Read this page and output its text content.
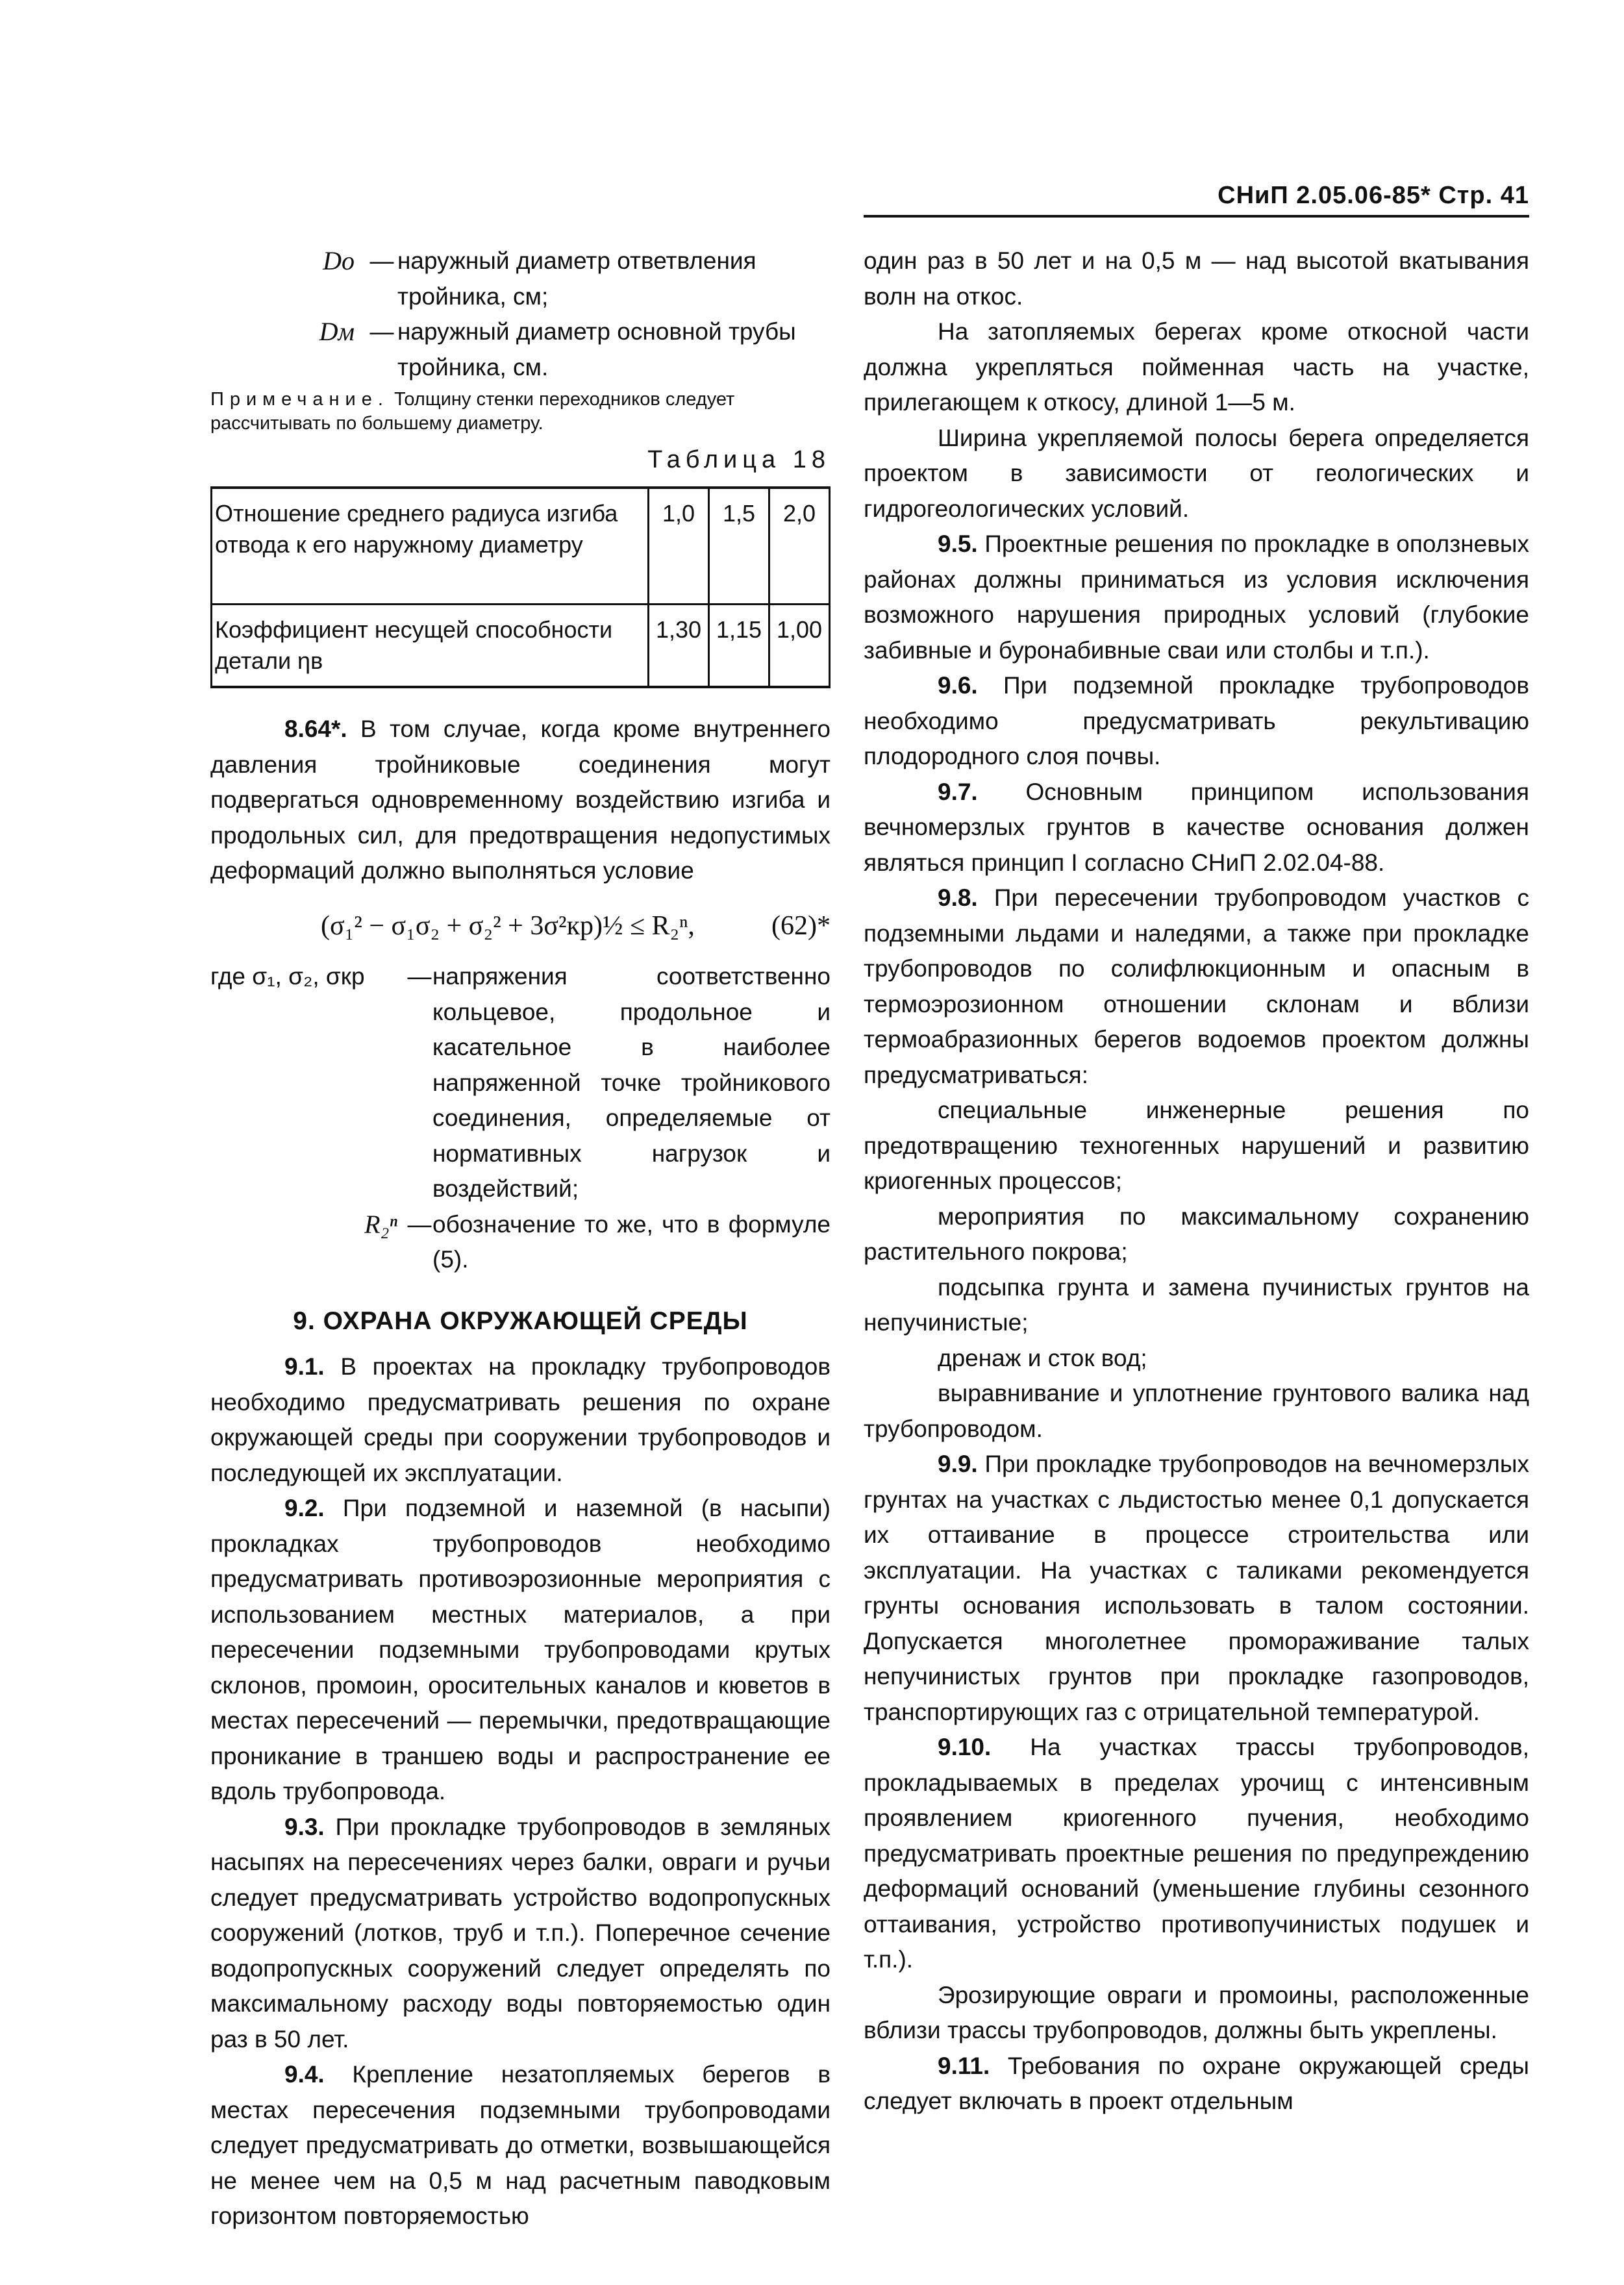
СНиП 2.05.06-85* Стр. 41
Dо — наружный диаметр ответвления тройника, см;
Dм — наружный диаметр основной трубы тройника, см.

Примечание. Толщину стенки переходников следует рассчитывать по большему диаметру.

Таблица 18
Отношение среднего радиуса изгиба отвода к его наружному диаметру	1,0	1,5	2,0
Коэффициент несущей способности детали ηв	1,30	1,15	1,00

8.64*. В том случае, когда кроме внутреннего давления тройниковые соединения могут подвергаться одновременному воздействию изгиба и продольных сил, для предотвращения недопустимых деформаций должно выполняться условие

(σ₁² − σ₁σ₂ + σ₂² + 3σ²кр)½ ≤ R₂ⁿ,	(62)*
где σ₁, σ₂, σкр	— напряжения соответственно кольцевое, продольное и касательное в наиболее напряженной точке тройникового соединения, определяемые от нормативных нагрузок и воздействий;
R₂ⁿ — обозначение то же, что в формуле (5).
9. ОХРАНА ОКРУЖАЮЩЕЙ СРЕДЫ

9.1. В проектах на прокладку трубопроводов необходимо предусматривать решения по охране окружающей среды при сооружении трубопроводов и последующей их эксплуатации.

9.2. При подземной и наземной (в насыпи) прокладках трубопроводов необходимо предусматривать противоэрозионные мероприятия с использованием местных материалов, а при пересечении подземными трубопроводами крутых склонов, промоин, оросительных каналов и кюветов в местах пересечений — перемычки, предотвращающие проникание в траншею воды и распространение ее вдоль трубопровода.

9.3. При прокладке трубопроводов в земляных насыпях на пересечениях через балки, овраги и ручьи следует предусматривать устройство водопропускных сооружений (лотков, труб и т.п.). Поперечное сечение водопропускных сооружений следует определять по максимальному расходу воды повторяемостью один раз в 50 лет.

9.4. Крепление незатопляемых берегов в местах пересечения подземными трубопроводами следует предусматривать до отметки, возвышающейся не менее чем на 0,5 м над расчетным паводковым горизонтом повторяемостью

один раз в 50 лет и на 0,5 м — над высотой вкатывания волн на откос.

На затопляемых берегах кроме откосной части должна укрепляться пойменная часть на участке, прилегающем к откосу, длиной 1—5 м.

Ширина укрепляемой полосы берега определяется проектом в зависимости от геологических и гидрогеологических условий.

9.5. Проектные решения по прокладке в оползневых районах должны приниматься из условия исключения возможного нарушения природных условий (глубокие забивные и буронабивные сваи или столбы и т.п.).

9.6. При подземной прокладке трубопроводов необходимо предусматривать рекультивацию плодородного слоя почвы.

9.7. Основным принципом использования вечномерзлых грунтов в качестве основания должен являться принцип I согласно СНиП 2.02.04-88.

9.8. При пересечении трубопроводом участков с подземными льдами и наледями, а также при прокладке трубопроводов по солифлюкционным и опасным в термоэрозионном отношении склонам и вблизи термоабразионных берегов водоемов проектом должны предусматриваться:

специальные инженерные решения по предотвращению техногенных нарушений и развитию криогенных процессов;

мероприятия по максимальному сохранению растительного покрова;

подсыпка грунта и замена пучинистых грунтов на непучинистые;

дренаж и сток вод;

выравнивание и уплотнение грунтового валика над трубопроводом.

9.9. При прокладке трубопроводов на вечномерзлых грунтах на участках с льдистостью менее 0,1 допускается их оттаивание в процессе строительства или эксплуатации. На участках с таликами рекомендуется грунты основания использовать в талом состоянии. Допускается многолетнее промораживание талых непучинистых грунтов при прокладке газопроводов, транспортирующих газ с отрицательной температурой.

9.10. На участках трассы трубопроводов, прокладываемых в пределах урочищ с интенсивным проявлением криогенного пучения, необходимо предусматривать проектные решения по предупреждению деформаций оснований (уменьшение глубины сезонного оттаивания, устройство противопучинистых подушек и т.п.).

Эрозирующие овраги и промоины, расположенные вблизи трассы трубопроводов, должны быть укреплены.

9.11. Требования по охране окружающей среды следует включать в проект отдельным
